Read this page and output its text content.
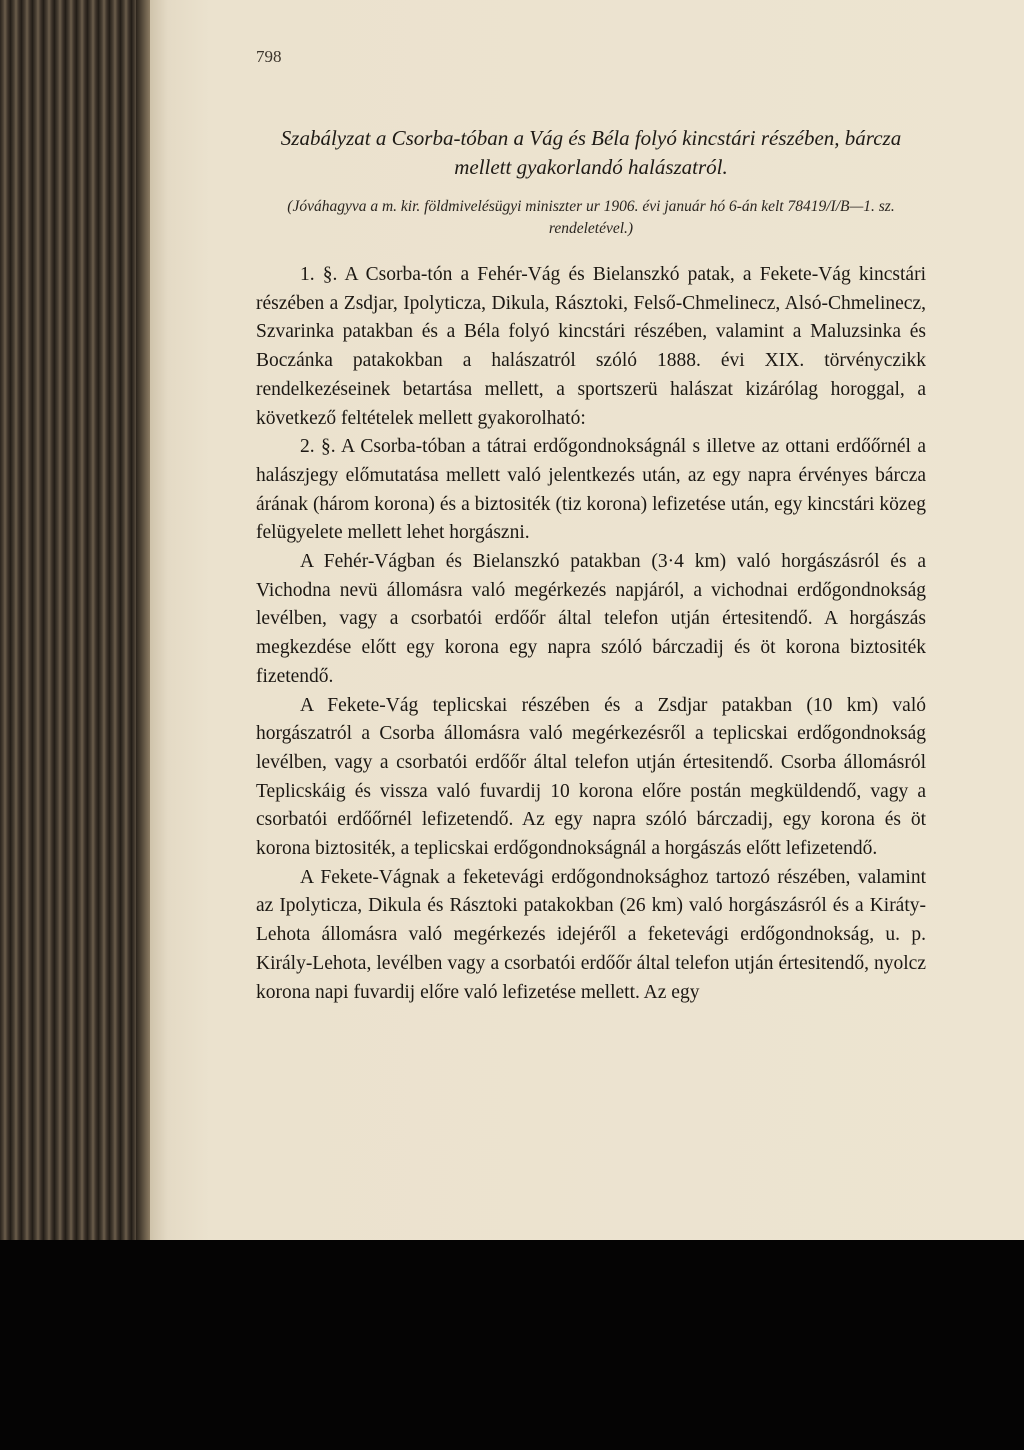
798
Szabályzat a Csorba-tóban a Vág és Béla folyó kincstári részében, bárcza mellett gyakorlandó halászatról.
(Jóváhagyva a m. kir. földmivelésügyi miniszter ur 1906. évi január hó 6-án kelt 78419/I/B—1. sz. rendeletével.)

1. §. A Csorba-tón a Fehér-Vág és Bielanszkó patak, a Fekete-Vág kincstári részében a Zsdjar, Ipolyticza, Dikula, Rásztoki, Felső-Chmelinecz, Alsó-Chmelinecz, Szvarinka patakban és a Béla folyó kincstári részében, valamint a Maluzsinka és Boczánka patakokban a halászatról szóló 1888. évi XIX. törvényczikk rendelkezéseinek betartása mellett, a sportszerü halászat kizárólag horoggal, a következő feltételek mellett gyakorolható:

2. §. A Csorba-tóban a tátrai erdőgondnokságnál s illetve az ottani erdőőrnél a halászjegy előmutatása mellett való jelentkezés után, az egy napra érvényes bárcza árának (három korona) és a biztositék (tiz korona) lefizetése után, egy kincstári közeg felügyelete mellett lehet horgászni.

A Fehér-Vágban és Bielanszkó patakban (3·4 km) való horgászásról és a Vichodna nevü állomásra való megérkezés napjáról, a vichodnai erdőgondnokság levélben, vagy a csorbatói erdőőr által telefon utján értesitendő. A horgászás megkezdése előtt egy korona egy napra szóló bárczadij és öt korona biztositék fizetendő.

A Fekete-Vág teplicskai részében és a Zsdjar patakban (10 km) való horgászatról a Csorba állomásra való megérkezésről a teplicskai erdőgondnokság levélben, vagy a csorbatói erdőőr által telefon utján értesitendő. Csorba állomásról Teplicskáig és vissza való fuvardij 10 korona előre postán megküldendő, vagy a csorbatói erdőőrnél lefizetendő. Az egy napra szóló bárczadij, egy korona és öt korona biztositék, a teplicskai erdőgondnokságnál a horgászás előtt lefizetendő.

A Fekete-Vágnak a feketevági erdőgondnoksághoz tartozó részében, valamint az Ipolyticza, Dikula és Rásztoki patakokban (26 km) való horgászásról és a Kiráty-Lehota állomásra való megérkezés idejéről a feketevági erdőgondnokság, u. p. Király-Lehota, levélben vagy a csorbatói erdőőr által telefon utján értesitendő, nyolcz korona napi fuvardij előre való lefizetése mellett. Az egy
